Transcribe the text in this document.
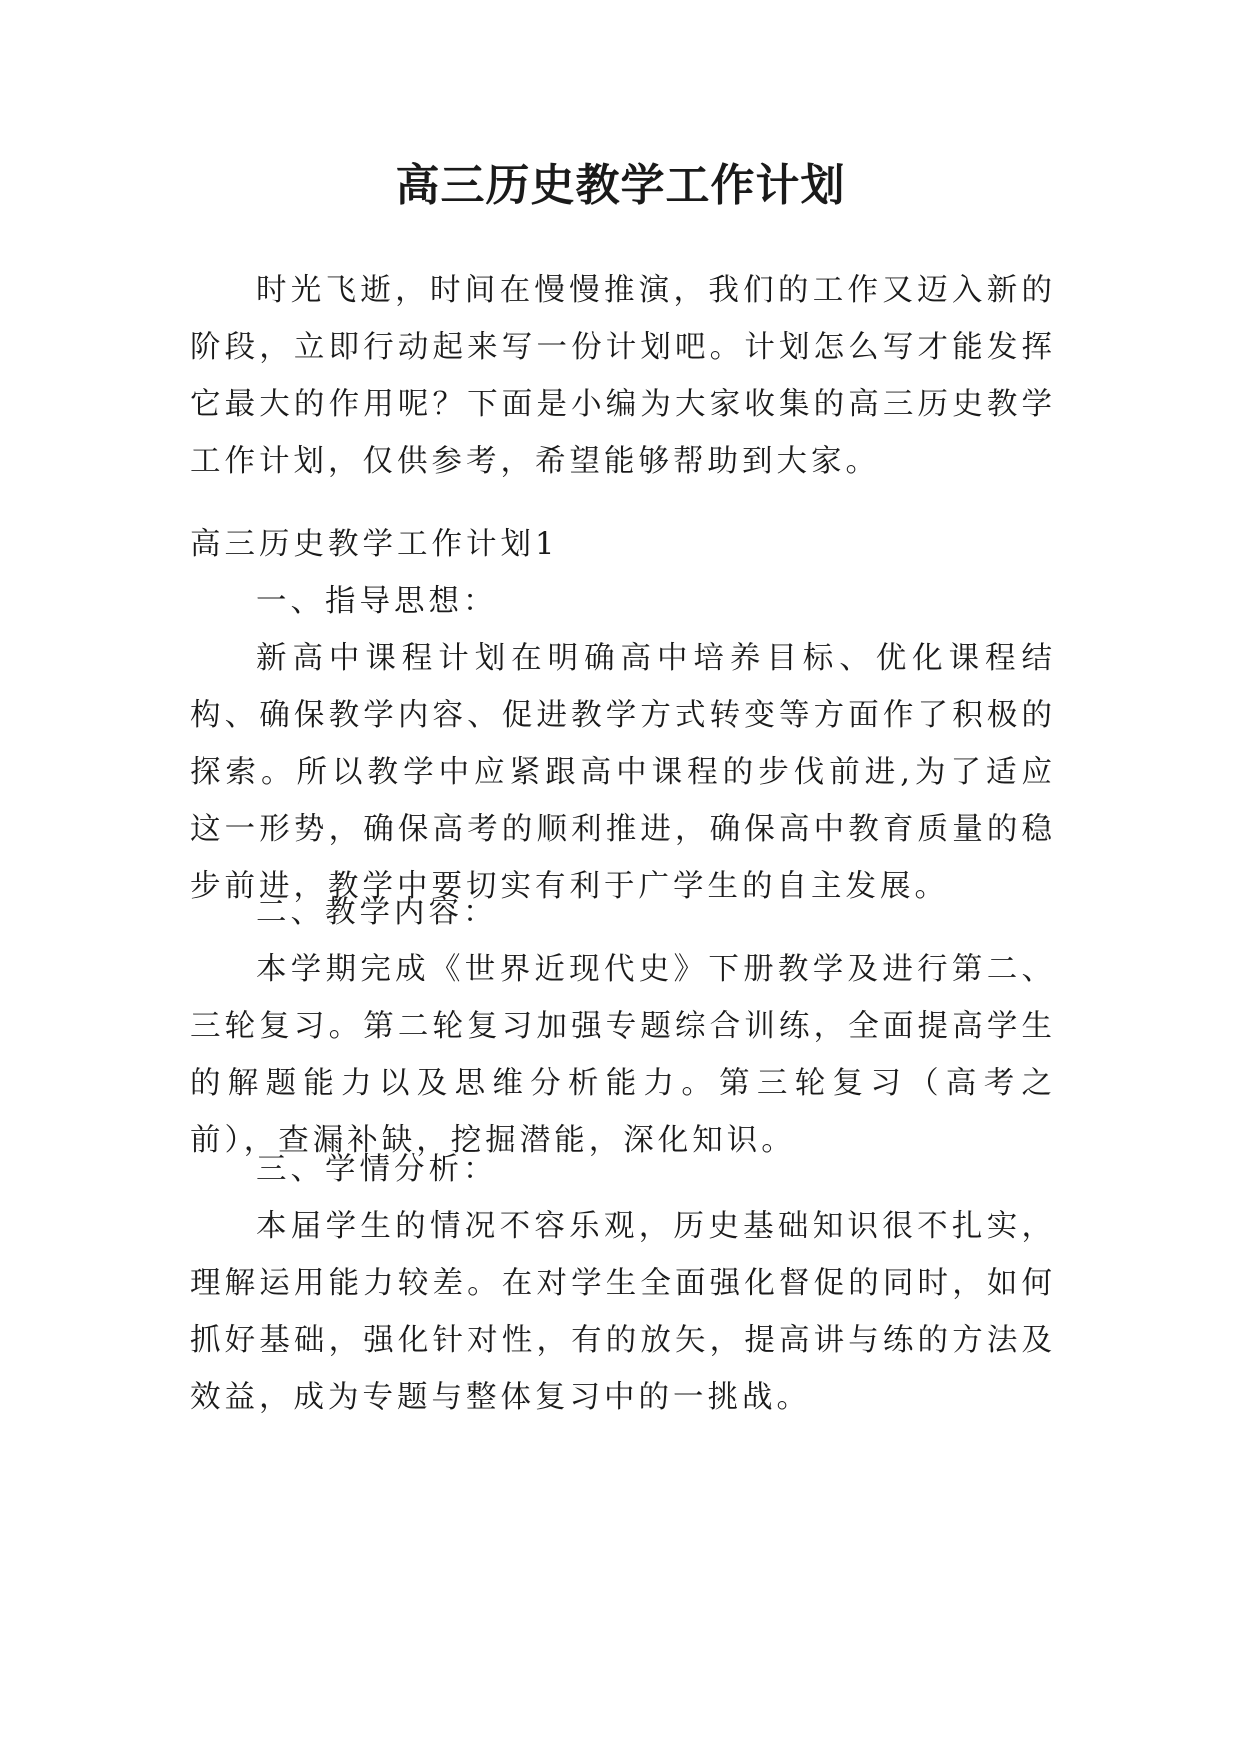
高三历史教学工作计划

时光飞逝，时间在慢慢推演，我们的工作又迈入新的阶段，立即行动起来写一份计划吧。计划怎么写才能发挥它最大的作用呢？下面是小编为大家收集的高三历史教学工作计划，仅供参考，希望能够帮助到大家。

高三历史教学工作计划1

一、指导思想：

新高中课程计划在明确高中培养目标、优化课程结构、确保教学内容、促进教学方式转变等方面作了积极的探索。所以教学中应紧跟高中课程的步伐前进,为了适应这一形势，确保高考的顺利推进，确保高中教育质量的稳步前进，教学中要切实有利于广学生的自主发展。

二、教学内容：

本学期完成《世界近现代史》下册教学及进行第二、三轮复习。第二轮复习加强专题综合训练，全面提高学生的解题能力以及思维分析能力。第三轮复习（高考之前），查漏补缺，挖掘潜能，深化知识。

三、学情分析：

本届学生的情况不容乐观，历史基础知识很不扎实，理解运用能力较差。在对学生全面强化督促的同时，如何抓好基础，强化针对性，有的放矢，提高讲与练的方法及效益，成为专题与整体复习中的一挑战。
